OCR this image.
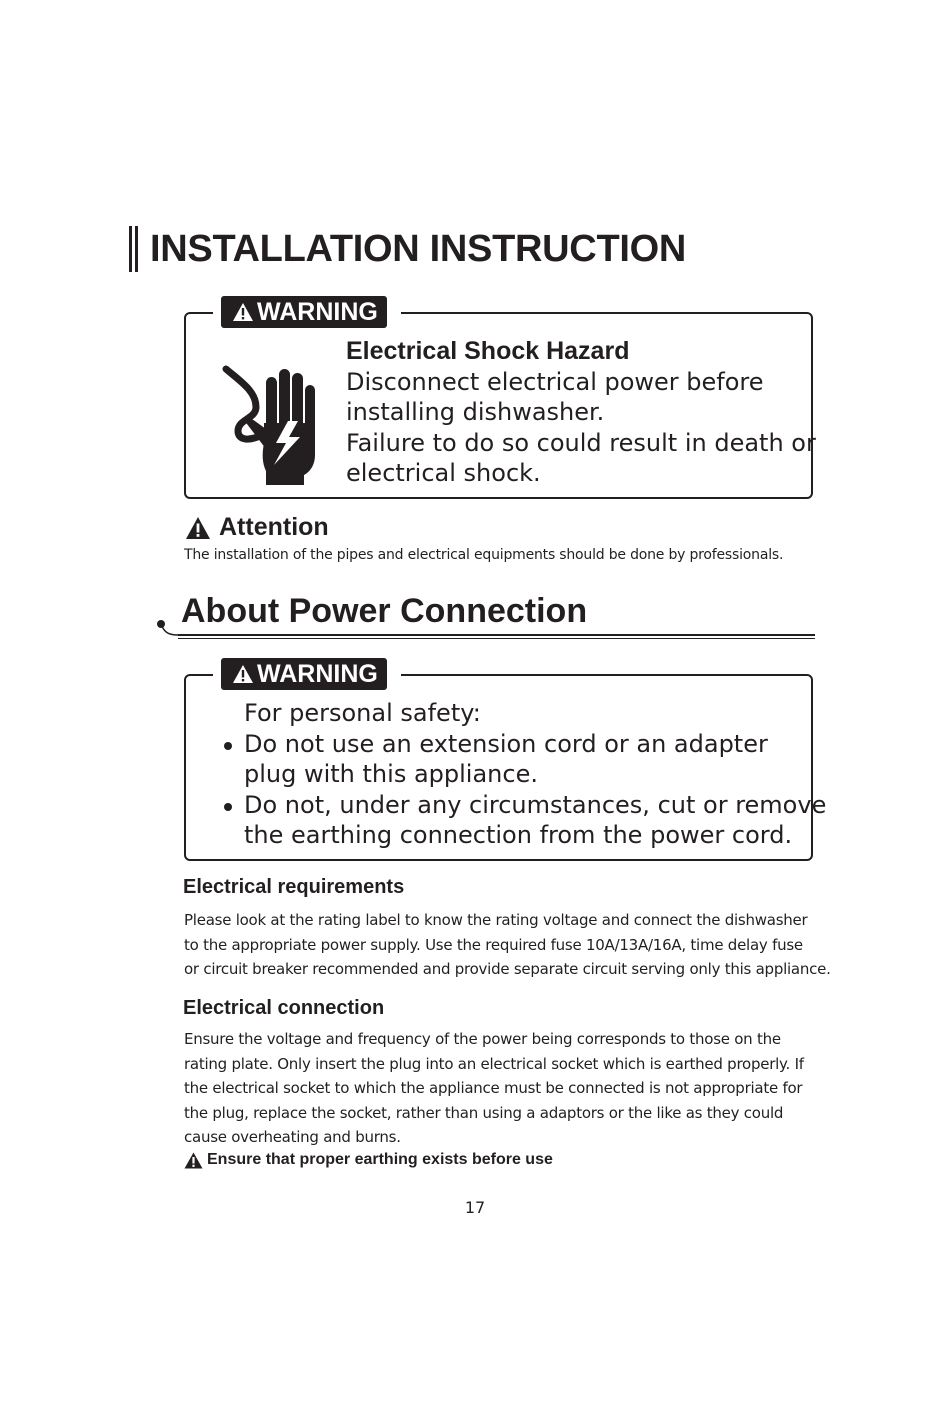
INSTALLATION INSTRUCTION
WARNING
Electrical Shock Hazard
Disconnect electrical power before
installing dishwasher.
Failure to do so could result in death or
electrical shock.
Attention
The installation of the pipes and electrical equipments should be done by professionals.
About Power Connection
WARNING
For personal safety:
Do not use an extension cord or an adapter
plug with this appliance.
Do not, under any circumstances, cut or remove
the earthing connection from the power cord.
Electrical requirements
Please look at the rating label to know the rating voltage and connect the dishwasher
to the appropriate power supply. Use the required fuse 10A/13A/16A, time delay fuse
or circuit breaker recommended and provide separate circuit serving only this appliance.
Electrical connection
Ensure the voltage and frequency of the power being corresponds to those on the
rating plate. Only insert the plug into an electrical socket which is earthed properly. If
the electrical socket to which the appliance must be connected is not appropriate for
the plug, replace the socket, rather than using a adaptors or the like as they could
cause overheating and burns.
Ensure that proper earthing exists before use
17
